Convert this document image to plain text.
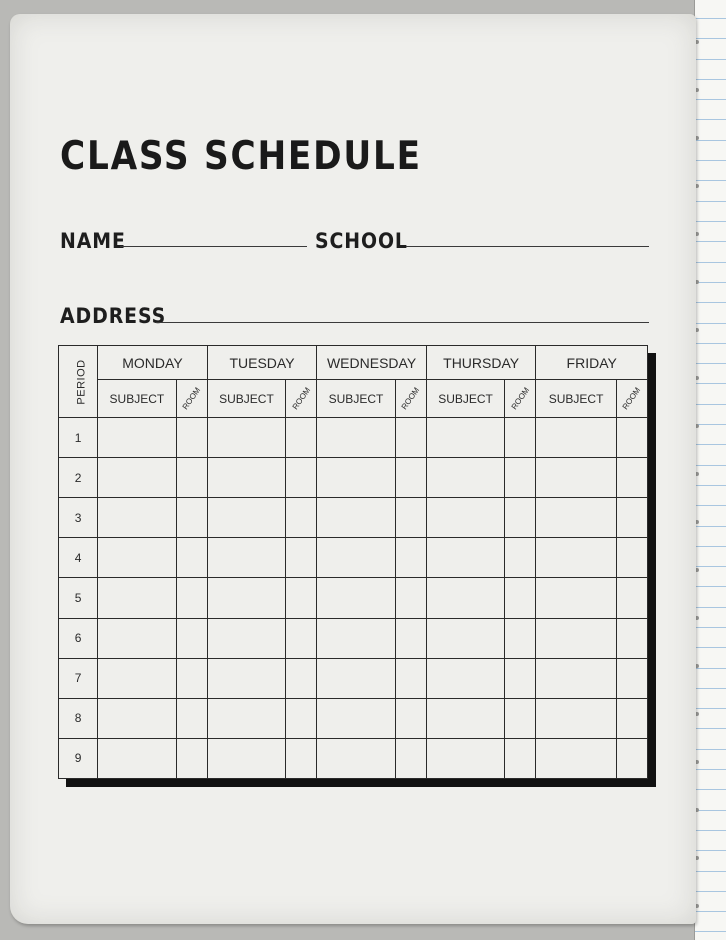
CLASS SCHEDULE
NAME	SCHOOL
ADDRESS
PERIOD	MONDAY		TUESDAY		WEDNESDAY		THURSDAY		FRIDAY	
	SUBJECT	ROOM	SUBJECT	ROOM	SUBJECT	ROOM	SUBJECT	ROOM	SUBJECT	ROOM
1										
2										
3										
4										
5										
6										
7										
8										
9										
